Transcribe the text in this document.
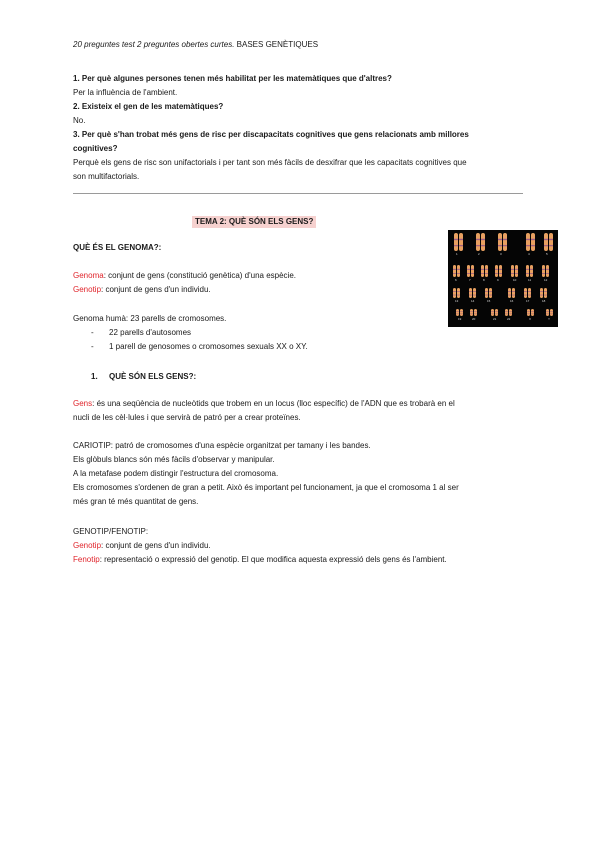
20 preguntes test 2 preguntes obertes curtes. BASES GENÈTIQUES
1. Per què algunes persones tenen més habilitat per les matemàtiques que d'altres?
Per la influència de l'ambient.
2. Existeix el gen de les matemàtiques?
No.
3. Per què s'han trobat més gens de risc per discapacitats cognitives que gens relacionats amb millores
cognitives?
Perquè els gens de risc son unifactorials i per tant son més fàcils de desxifrar que les capacitats cognitives que
son multifactorials.
TEMA 2: QUÈ SÓN ELS GENS?
QUÈ ÉS EL GENOMA?:
Genoma: conjunt de gens (constitució genètica) d'una espècie.
Genotip: conjunt de gens d'un individu.
Genoma humà: 23 parells de cromosomes.
- 22 parells d'autosomes
- 1 parell de genosomes o cromosomes sexuals XX o XY.
1. QUÈ SÓN ELS GENS?:
Gens: és una seqüència de nucleòtids que trobem en un locus (lloc específic) de l'ADN que es trobarà en el
nucli de les cèl·lules i que servirà de patró per a crear proteïnes.
CARIOTIP: patró de cromosomes d'una espècie organitzat per tamany i les bandes.
Els glòbuls blancs són més fàcils d'observar y manipular.
A la metafase podem distingir l'estructura del cromosoma.
Els cromosomes s'ordenen de gran a petit. Això és important pel funcionament, ja que el cromosoma 1 al ser
més gran té més quantitat de gens.
GENOTIP/FENOTIP:
Genotip: conjunt de gens d'un individu.
Fenotip: representació o expressió del genotip. El que modifica aquesta expressió dels gens és l'ambient.
1	2	3	4	5
6	7	8	9	10	11	12
13	14	15	16	17	18
19	20	21	22	X	Y
